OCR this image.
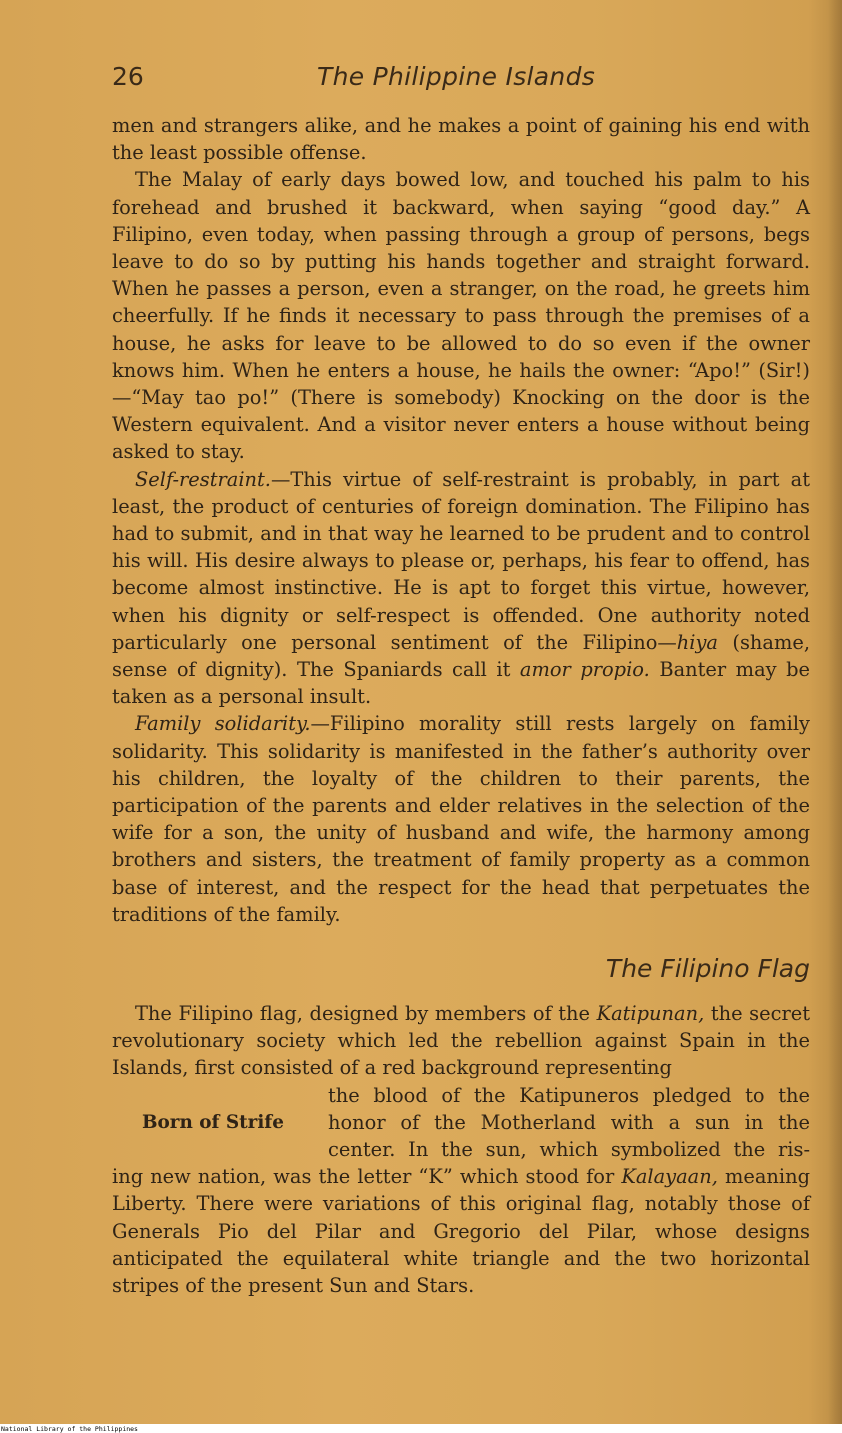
26	The Philippine Islands

men and strangers alike, and he makes a point of gaining his end with the least possible offense.

The Malay of early days bowed low, and touched his palm to his forehead and brushed it backward, when saying “good day.” A Filipino, even today, when passing through a group of persons, begs leave to do so by putting his hands together and straight forward. When he passes a person, even a stranger, on the road, he greets him cheerfully. If he finds it necessary to pass through the premises of a house, he asks for leave to be allowed to do so even if the owner knows him. When he enters a house, he hails the owner: “Apo!” (Sir!)—“May tao po!” (There is somebody) Knocking on the door is the Western equivalent. And a visitor never enters a house without being asked to stay.

Self-restraint.—This virtue of self-restraint is probably, in part at least, the product of centuries of foreign domination. The Filipino has had to submit, and in that way he learned to be prudent and to control his will. His desire always to please or, perhaps, his fear to offend, has become almost instinctive. He is apt to forget this virtue, however, when his dignity or self-respect is offended. One authority noted particularly one personal sentiment of the Filipino—hiya (shame, sense of dignity). The Spaniards call it amor propio. Banter may be taken as a personal insult.

Family solidarity.—Filipino morality still rests largely on family solidarity. This solidarity is manifested in the father’s authority over his children, the loyalty of the children to their parents, the participation of the parents and elder relatives in the selection of the wife for a son, the unity of husband and wife, the harmony among brothers and sisters, the treatment of family property as a common base of interest, and the respect for the head that perpetuates the traditions of the family.

The Filipino Flag

The Filipino flag, designed by members of the Katipunan, the secret revolutionary society which led the rebellion against Spain in the Islands, first consisted of a red background representing

Born of Strife
the blood of the Katipuneros pledged to the
honor of the Motherland with a sun in the
center. In the sun, which symbolized the ris-

ing new nation, was the letter “K” which stood for Kalayaan, meaning Liberty. There were variations of this original flag, notably those of Generals Pio del Pilar and Gregorio del Pilar, whose designs anticipated the equilateral white triangle and the two horizontal stripes of the present Sun and Stars.

National Library of the Philippines
